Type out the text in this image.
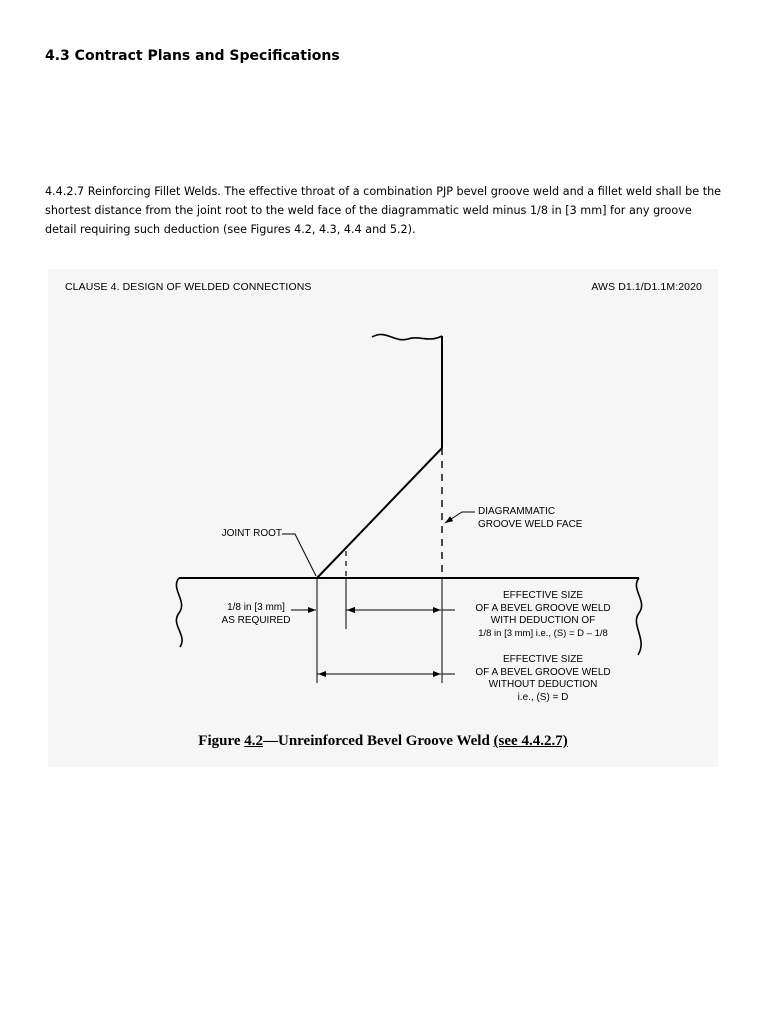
4.3 Contract Plans and Specifications
4.4.2.7 Reinforcing Fillet Welds. The effective throat of a combination PJP bevel groove weld and a fillet weld shall be the
shortest distance from the joint root to the weld face of the diagrammatic weld minus 1/8 in [3 mm] for any groove
detail requiring such deduction (see Figures 4.2, 4.3, 4.4 and 5.2).
CLAUSE 4. DESIGN OF WELDED CONNECTIONS	AWS D1.1/D1.1M:2020
JOINT ROOT
DIAGRAMMATIC
GROOVE WELD FACE
1/8 in [3 mm]
AS REQUIRED
EFFECTIVE SIZE
OF A BEVEL GROOVE WELD
WITH DEDUCTION OF
1/8 in [3 mm] i.e., (S) = D – 1/8
EFFECTIVE SIZE
OF A BEVEL GROOVE WELD
WITHOUT DEDUCTION
i.e., (S) = D
Figure 4.2—Unreinforced Bevel Groove Weld (see 4.4.2.7)
